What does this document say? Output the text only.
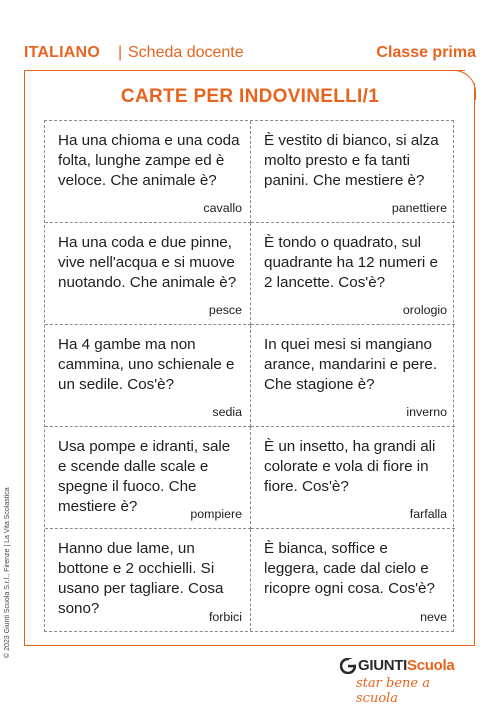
ITALIANO | Scheda docente	Classe prima
CARTE PER INDOVINELLI/1

Ha una chioma e una coda folta, lunghe zampe ed è veloce. Che animale è?

cavallo

È vestito di bianco, si alza molto presto e fa tanti panini. Che mestiere è?

panettiere

Ha una coda e due pinne, vive nell'acqua e si muove nuotando. Che animale è?

pesce

È tondo o quadrato, sul quadrante ha 12 numeri e 2 lancette. Cos'è?

orologio

Ha 4 gambe ma non cammina, uno schienale e un sedile. Cos'è?

sedia

In quei mesi si mangiano arance, mandarini e pere. Che stagione è?

inverno

Usa pompe e idranti, sale e scende dalle scale e spegne il fuoco. Che mestiere è?	pompiere

È un insetto, ha grandi ali colorate e vola di fiore in fiore. Cos'è?

farfalla

Hanno due lame, un bottone e 2 occhielli. Si usano per tagliare. Cosa sono?	forbici

È bianca, soffice e leggera, cade dal cielo e ricopre ogni cosa. Cos'è?

neve
© 2023 Giunti Scuola S.r.l., Firenze | La Vita Scolastica
GIUNTIScuola
star bene a scuola
